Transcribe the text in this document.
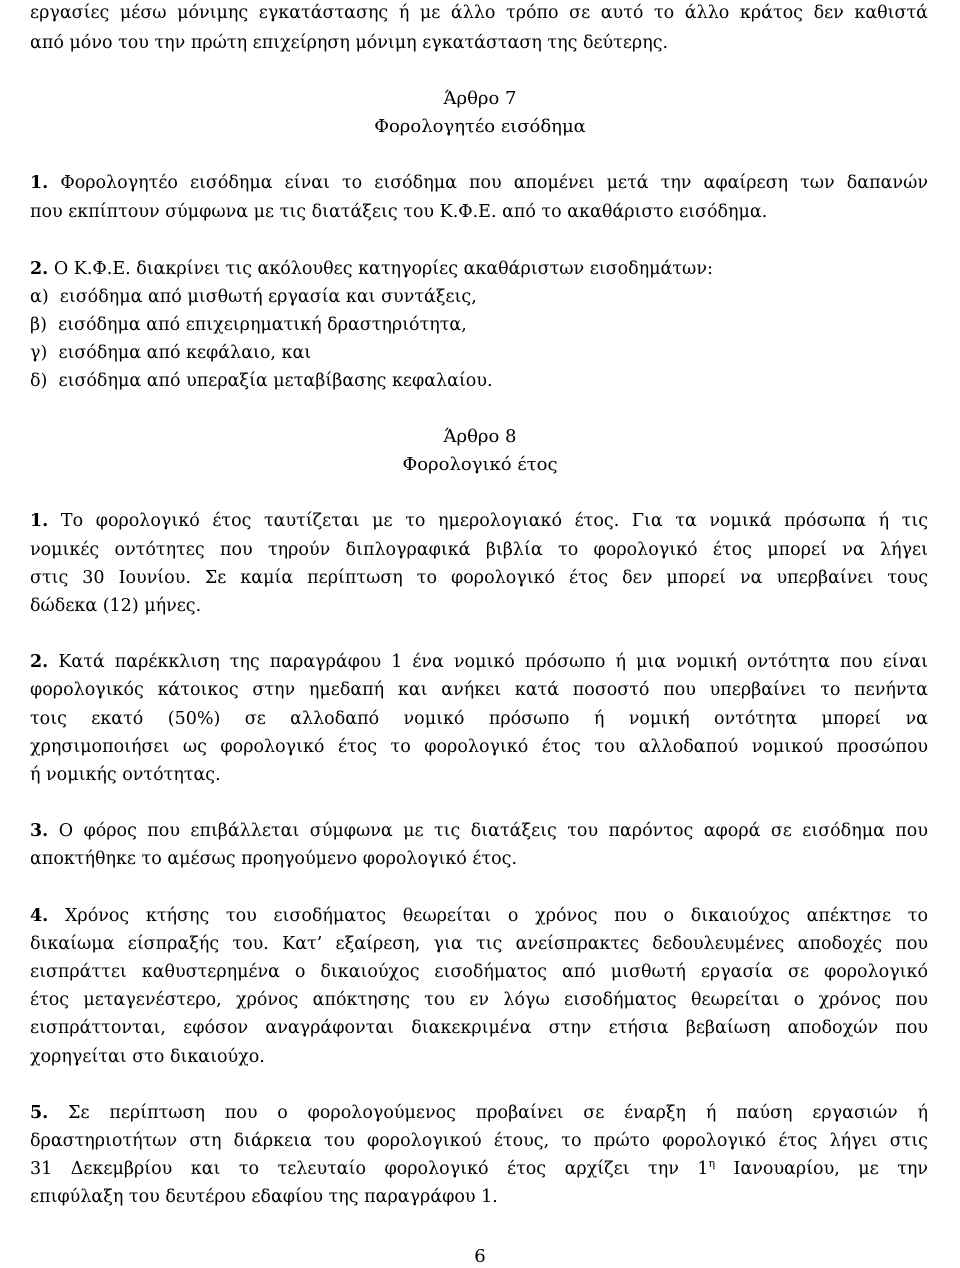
εργασίες μέσω μόνιμης εγκατάστασης ή με άλλο τρόπο σε αυτό το άλλο κράτος δεν καθιστά
από μόνο του την πρώτη επιχείρηση μόνιμη εγκατάσταση της δεύτερης.
Άρθρο 7
Φορολογητέο εισόδημα
1. Φορολογητέο εισόδημα είναι το εισόδημα που απομένει μετά την αφαίρεση των δαπανών
που εκπίπτουν σύμφωνα με τις διατάξεις του Κ.Φ.Ε. από το ακαθάριστο εισόδημα.
2. Ο Κ.Φ.Ε. διακρίνει τις ακόλουθες κατηγορίες ακαθάριστων εισοδημάτων:
α) εισόδημα από μισθωτή εργασία και συντάξεις,
β) εισόδημα από επιχειρηματική δραστηριότητα,
γ) εισόδημα από κεφάλαιο, και
δ) εισόδημα από υπεραξία μεταβίβασης κεφαλαίου.
Άρθρο 8
Φορολογικό έτος
1. Το φορολογικό έτος ταυτίζεται με το ημερολογιακό έτος. Για τα νομικά πρόσωπα ή τις
νομικές οντότητες που τηρούν διπλογραφικά βιβλία το φορολογικό έτος μπορεί να λήγει
στις 30 Ιουνίου. Σε καμία περίπτωση το φορολογικό έτος δεν μπορεί να υπερβαίνει τους
δώδεκα (12) μήνες.
2. Κατά παρέκκλιση της παραγράφου 1 ένα νομικό πρόσωπο ή μια νομική οντότητα που είναι
φορολογικός κάτοικος στην ημεδαπή και ανήκει κατά ποσοστό που υπερβαίνει το πενήντα
τοις εκατό (50%) σε αλλοδαπό νομικό πρόσωπο ή νομική οντότητα μπορεί να
χρησιμοποιήσει ως φορολογικό έτος το φορολογικό έτος του αλλοδαπού νομικού προσώπου
ή νομικής οντότητας.
3. Ο φόρος που επιβάλλεται σύμφωνα με τις διατάξεις του παρόντος αφορά σε εισόδημα που
αποκτήθηκε το αμέσως προηγούμενο φορολογικό έτος.
4. Χρόνος κτήσης του εισοδήματος θεωρείται ο χρόνος που ο δικαιούχος απέκτησε το
δικαίωμα είσπραξής του. Κατ’ εξαίρεση, για τις ανείσπρακτες δεδουλευμένες αποδοχές που
εισπράττει καθυστερημένα ο δικαιούχος εισοδήματος από μισθωτή εργασία σε φορολογικό
έτος μεταγενέστερο, χρόνος απόκτησης του εν λόγω εισοδήματος θεωρείται ο χρόνος που
εισπράττονται, εφόσον αναγράφονται διακεκριμένα στην ετήσια βεβαίωση αποδοχών που
χορηγείται στο δικαιούχο.
5. Σε περίπτωση που ο φορολογούμενος προβαίνει σε έναρξη ή παύση εργασιών ή
δραστηριοτήτων στη διάρκεια του φορολογικού έτους, το πρώτο φορολογικό έτος λήγει στις
31 Δεκεμβρίου και το τελευταίο φορολογικό έτος αρχίζει την $1^\eta$ Ιανουαρίου, με την
επιφύλαξη του δευτέρου εδαφίου της παραγράφου 1.
6
